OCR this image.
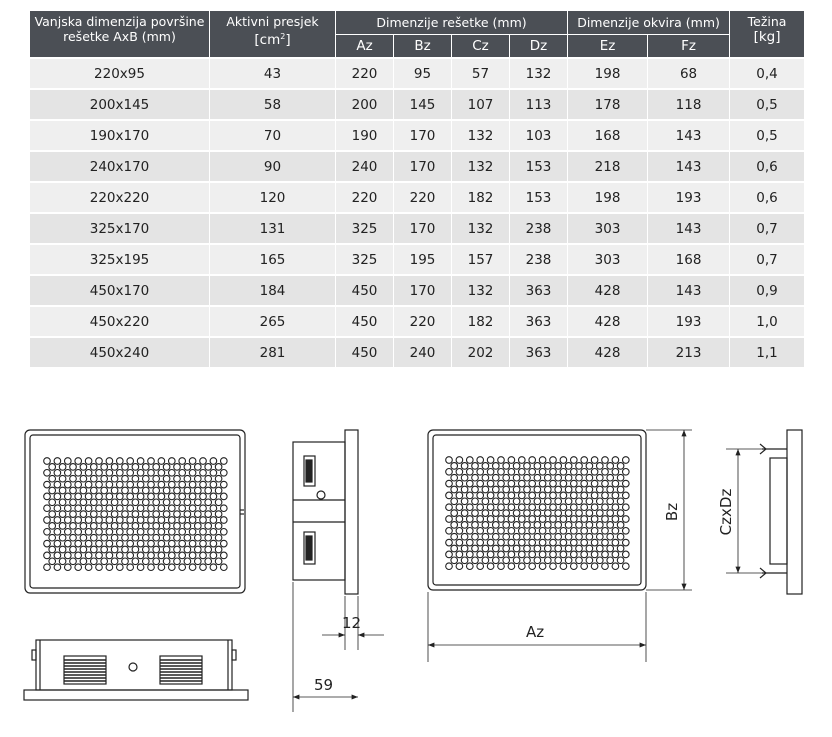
Vanjska dimenzija površine
rešetke AxB (mm)	Aktivni presjek
$[cm^2]$	Dimenzije rešetke (mm)				Dimenzije okvira (mm)		Težina
[kg]
		Az	Bz	Cz	Dz	Ez	Fz	
220x95	43	220	95	57	132	198	68	0,4
200x145	58	200	145	107	113	178	118	0,5
190x170	70	190	170	132	103	168	143	0,5
240x170	90	240	170	132	153	218	143	0,6
220x220	120	220	220	182	153	198	193	0,6
325x170	131	325	170	132	238	303	143	0,7
325x195	165	325	195	157	238	303	168	0,7
450x170	184	450	170	132	363	428	143	0,9
450x220	265	450	220	182	363	428	193	1,0
450x240	281	450	240	202	363	428	213	1,1
12
59
Az
Bz CzxDz
